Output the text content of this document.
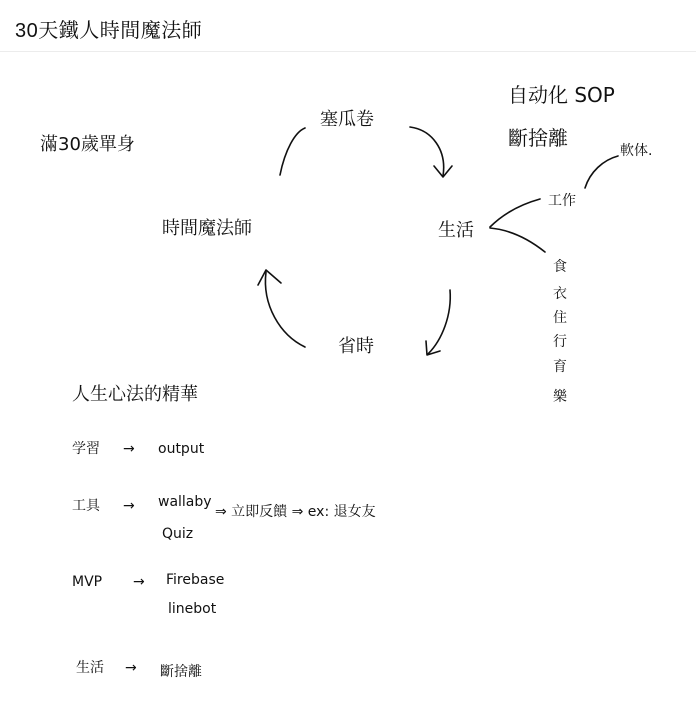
30天鐵人時間魔法師
滿30歲單身
自动化 SOP
斷捨離
塞瓜卷
時間魔法師	生活
省時
工作
軟体.
食
衣
住
行
育
樂
人生心法的精華
学習 → output
工具 → wallaby
⇒ 立即反饋 ⇒ ex: 退女友
Quiz
MVP → Firebase
linebot
生活 → 斷捨離
